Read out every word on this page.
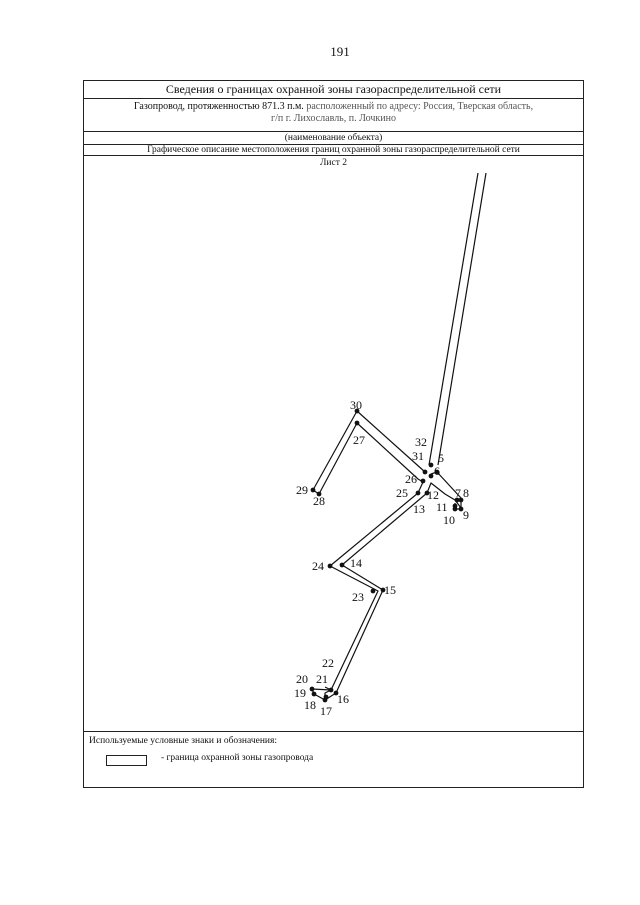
191
Сведения о границах охранной зоны газораспределительной сети
Газопровод, протяженностью 871.3 п.м. расположенный по адресу: Россия, Тверская область,
г/п г. Лихославль, п. Лочкино
(наименование объекта)
Графическое описание местоположения границ охранной зоны газораспределительной сети
Лист 2
Используемые условные знаки и обозначения:
- граница охранной зоны газопровода
30
27	32
31 5
6
26
29
28
25 12 7 8
11
9
13
10
24 14
15
23
22
20 21
19	16
18 17
